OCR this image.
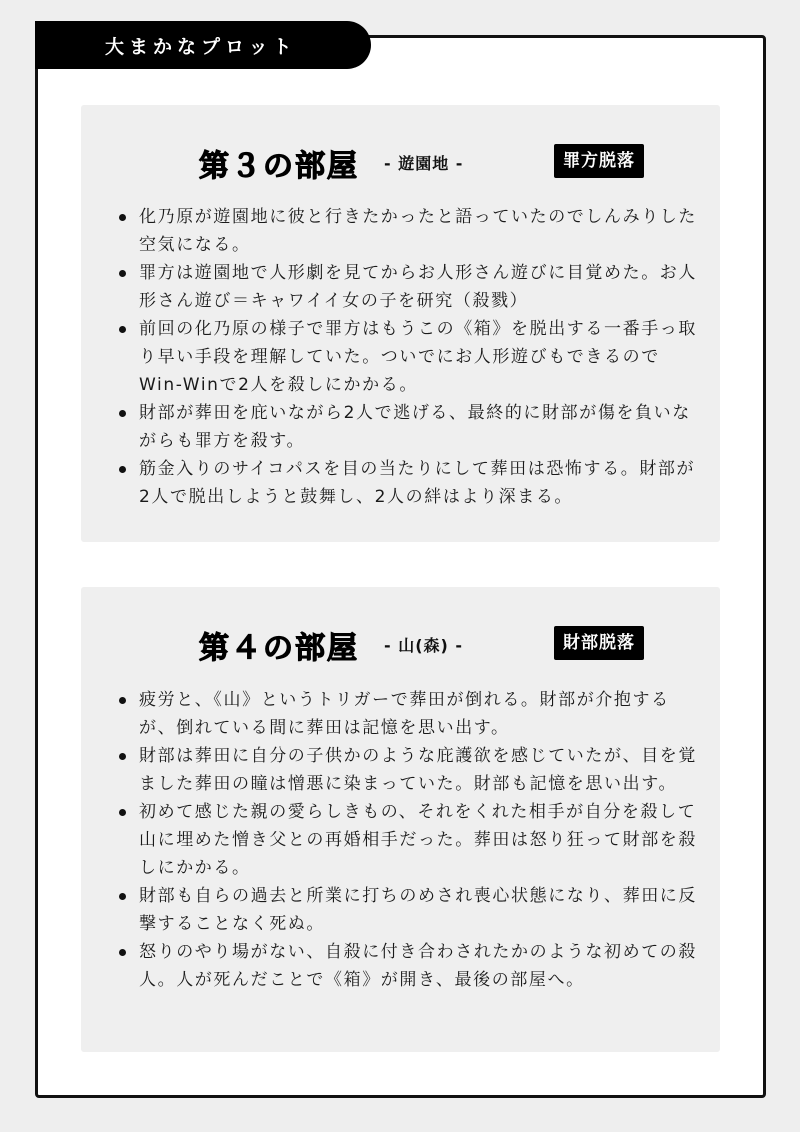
大まかなプロット
第３の部屋 - 遊園地 -	罪方脱落
化乃原が遊園地に彼と行きたかったと語っていたのでしんみりした空気になる。
罪方は遊園地で人形劇を見てからお人形さん遊びに目覚めた。お人形さん遊び＝キャワイイ女の子を研究（殺戮）
前回の化乃原の様子で罪方はもうこの《箱》を脱出する一番手っ取り早い手段を理解していた。ついでにお人形遊びもできるのでWin-Winで2人を殺しにかかる。
財部が葬田を庇いながら2人で逃げる、最終的に財部が傷を負いながらも罪方を殺す。
筋金入りのサイコパスを目の当たりにして葬田は恐怖する。財部が2人で脱出しようと鼓舞し、2人の絆はより深まる。
第４の部屋 - 山(森) -	財部脱落
疲労と、《山》というトリガーで葬田が倒れる。財部が介抱するが、倒れている間に葬田は記憶を思い出す。
財部は葬田に自分の子供かのような庇護欲を感じていたが、目を覚ました葬田の瞳は憎悪に染まっていた。財部も記憶を思い出す。
初めて感じた親の愛らしきもの、それをくれた相手が自分を殺して山に埋めた憎き父との再婚相手だった。葬田は怒り狂って財部を殺しにかかる。
財部も自らの過去と所業に打ちのめされ喪心状態になり、葬田に反撃することなく死ぬ。
怒りのやり場がない、自殺に付き合わされたかのような初めての殺人。人が死んだことで《箱》が開き、最後の部屋へ。
